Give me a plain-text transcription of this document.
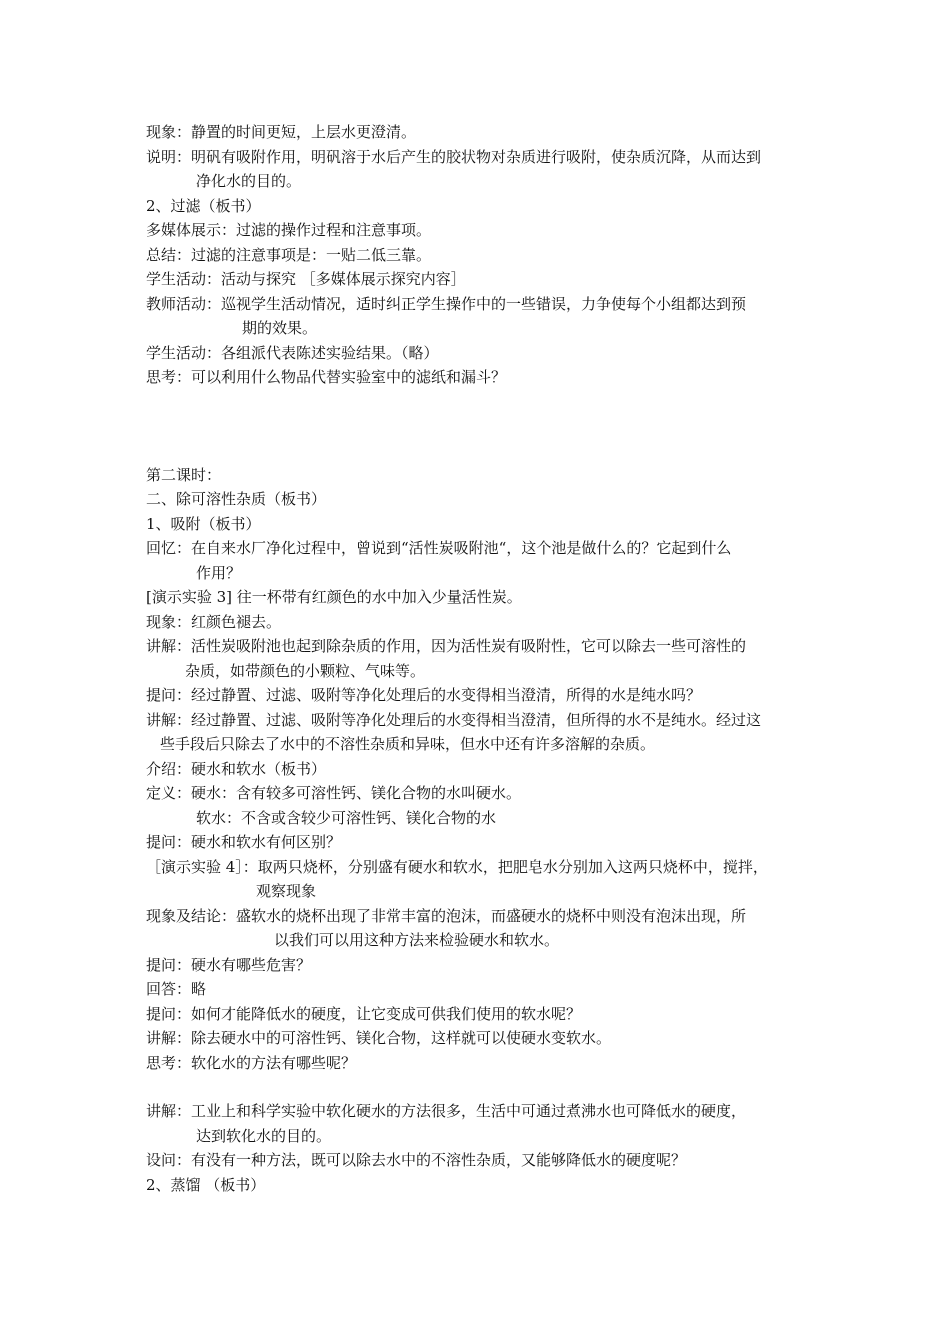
现象：静置的时间更短，上层水更澄清。
说明：明矾有吸附作用，明矾溶于水后产生的胶状物对杂质进行吸附，使杂质沉降，从而达到
净化水的目的。
2、过滤（板书）
多媒体展示：过滤的操作过程和注意事项。
总结：过滤的注意事项是：一贴二低三靠。
学生活动：活动与探究 ［多媒体展示探究内容］
教师活动：巡视学生活动情况，适时纠正学生操作中的一些错误，力争使每个小组都达到预
期的效果。
学生活动：各组派代表陈述实验结果。（略）
思考：可以利用什么物品代替实验室中的滤纸和漏斗？
第二课时：
二、除可溶性杂质（板书）
1、吸附（板书）
回忆：在自来水厂净化过程中，曾说到“活性炭吸附池“，这个池是做什么的？它起到什么
作用？
[演示实验 3] 往一杯带有红颜色的水中加入少量活性炭。
现象：红颜色褪去。
讲解：活性炭吸附池也起到除杂质的作用，因为活性炭有吸附性，它可以除去一些可溶性的
杂质，如带颜色的小颗粒、气味等。
提问：经过静置、过滤、吸附等净化处理后的水变得相当澄清，所得的水是纯水吗？
讲解：经过静置、过滤、吸附等净化处理后的水变得相当澄清，但所得的水不是纯水。经过这
些手段后只除去了水中的不溶性杂质和异味，但水中还有许多溶解的杂质。
介绍：硬水和软水（板书）
定义：硬水：含有较多可溶性钙、镁化合物的水叫硬水。
软水：不含或含较少可溶性钙、镁化合物的水
提问：硬水和软水有何区别？
［演示实验 4］：取两只烧杯，分别盛有硬水和软水，把肥皂水分别加入这两只烧杯中，搅拌，
观察现象
现象及结论：盛软水的烧杯出现了非常丰富的泡沫，而盛硬水的烧杯中则没有泡沫出现，所
以我们可以用这种方法来检验硬水和软水。
提问：硬水有哪些危害？
回答：略
提问：如何才能降低水的硬度，让它变成可供我们使用的软水呢？
讲解：除去硬水中的可溶性钙、镁化合物，这样就可以使硬水变软水。
思考：软化水的方法有哪些呢？
讲解：工业上和科学实验中软化硬水的方法很多，生活中可通过煮沸水也可降低水的硬度，
达到软化水的目的。
设问：有没有一种方法，既可以除去水中的不溶性杂质，又能够降低水的硬度呢？
2、蒸馏 （板书）
